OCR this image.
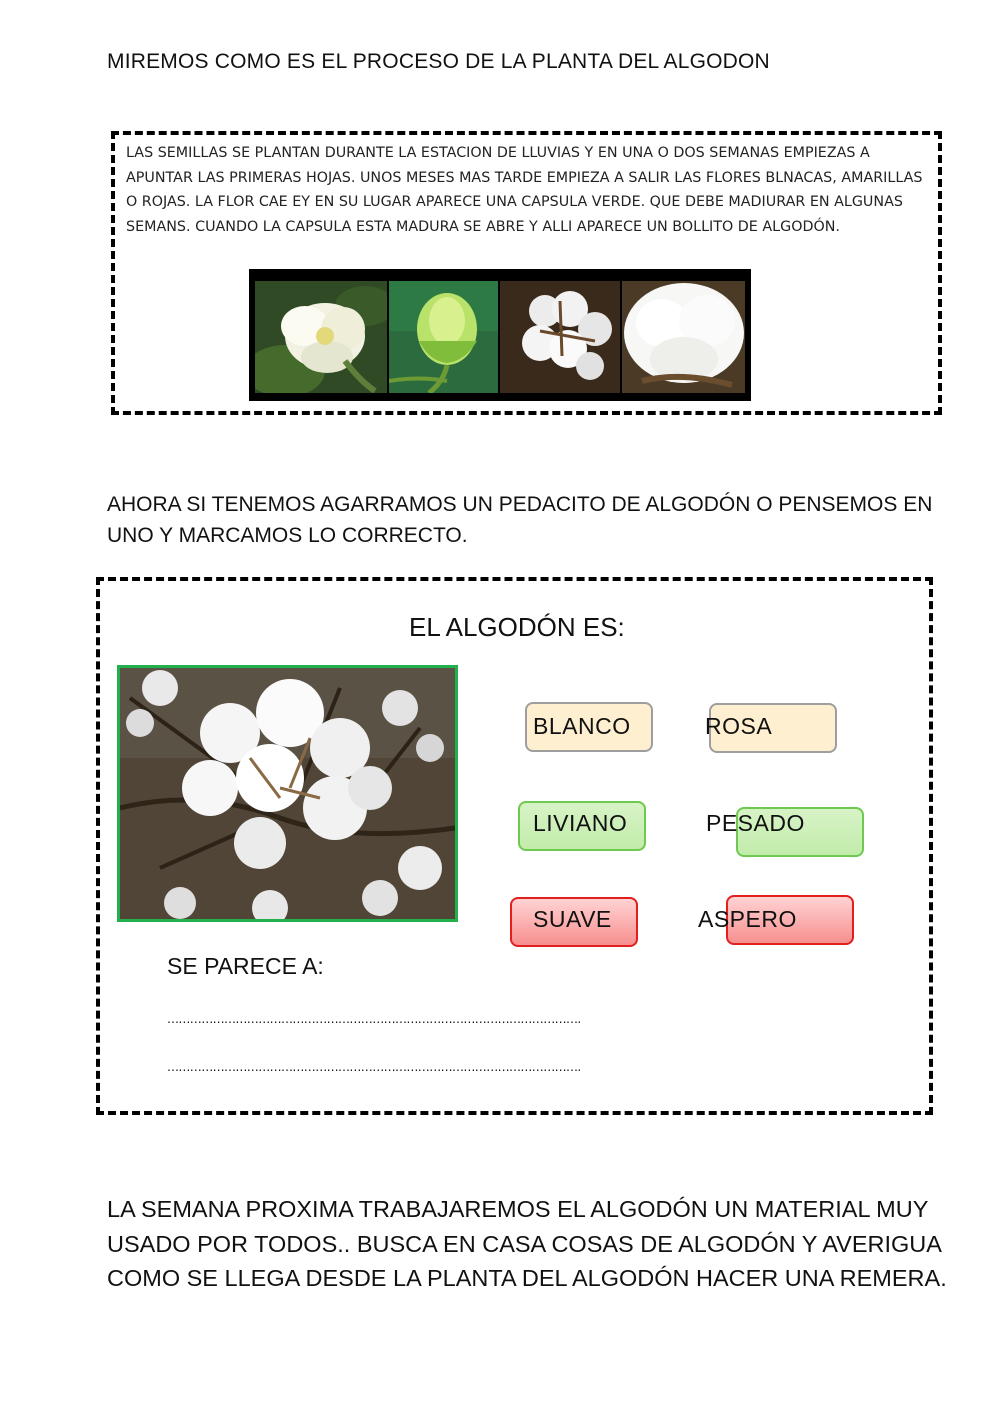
MIREMOS COMO ES EL PROCESO DE LA PLANTA DEL ALGODON
LAS SEMILLAS SE PLANTAN DURANTE LA ESTACION DE LLUVIAS Y EN UNA O DOS SEMANAS EMPIEZAS A APUNTAR LAS PRIMERAS HOJAS. UNOS MESES MAS TARDE EMPIEZA A SALIR LAS FLORES BLNACAS, AMARILLAS O ROJAS. LA FLOR CAE EY EN SU LUGAR APARECE UNA CAPSULA VERDE. QUE DEBE MADIURAR EN ALGUNAS SEMANS. CUANDO LA CAPSULA ESTA MADURA SE ABRE Y ALLI APARECE UN BOLLITO DE ALGODÓN.
AHORA SI TENEMOS AGARRAMOS UN PEDACITO DE ALGODÓN O PENSEMOS EN UNO Y MARCAMOS LO CORRECTO.
EL ALGODÓN ES:
BLANCO	ROSA
LIVIANO	PESADO
SUAVE	ASPERO
SE PARECE A:
……………………………………………………………………………………………….
……………………………………………………………………………………………….
LA SEMANA PROXIMA TRABAJAREMOS EL ALGODÓN UN MATERIAL MUY USADO POR TODOS.. BUSCA EN CASA COSAS DE ALGODÓN Y AVERIGUA COMO SE LLEGA DESDE LA PLANTA DEL ALGODÓN HACER UNA REMERA.
